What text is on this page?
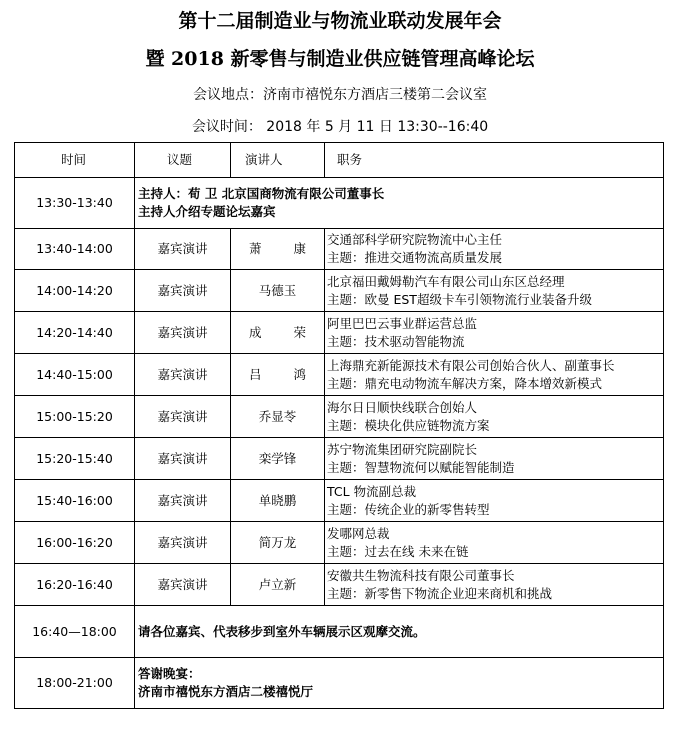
第十二届制造业与物流业联动发展年会
暨 2018 新零售与制造业供应链管理高峰论坛
会议地点：济南市禧悦东方酒店三楼第二会议室
会议时间： 2018 年 5 月 11 日 13:30--16:40
时间	议题	演讲人	职务
13:30-13:40	主持人：荀 卫 北京国商物流有限公司董事长
主持人介绍专题论坛嘉宾		

13:40-14:00	嘉宾演讲	萧 康	交通部科学研究院物流中心主任
主题：推进交通物流高质量发展

14:00-14:20	嘉宾演讲	马德玉	北京福田戴姆勒汽车有限公司山东区总经理
主题：欧曼 EST超级卡车引领物流行业装备升级

14:20-14:40	嘉宾演讲	成 荣	阿里巴巴云事业群运营总监
主题：技术驱动智能物流

14:40-15:00	嘉宾演讲	吕 鸿	上海鼎充新能源技术有限公司创始合伙人、副董事长
主题：鼎充电动物流车解决方案，降本增效新模式

15:00-15:20	嘉宾演讲	乔显苓	海尔日日顺快线联合创始人
主题：模块化供应链物流方案

15:20-15:40	嘉宾演讲	栾学锋	苏宁物流集团研究院副院长
主题：智慧物流何以赋能智能制造

15:40-16:00	嘉宾演讲	单晓鹏	TCL 物流副总裁
主题：传统企业的新零售转型

16:00-16:20	嘉宾演讲	简万龙	发哪网总裁
主题：过去在线 未来在链

16:20-16:40	嘉宾演讲	卢立新	安徽共生物流科技有限公司董事长
主题：新零售下物流企业迎来商机和挑战

16:40—18:00	请各位嘉宾、代表移步到室外车辆展示区观摩交流。		
18:00-21:00	答谢晚宴：
济南市禧悦东方酒店二楼禧悦厅		
